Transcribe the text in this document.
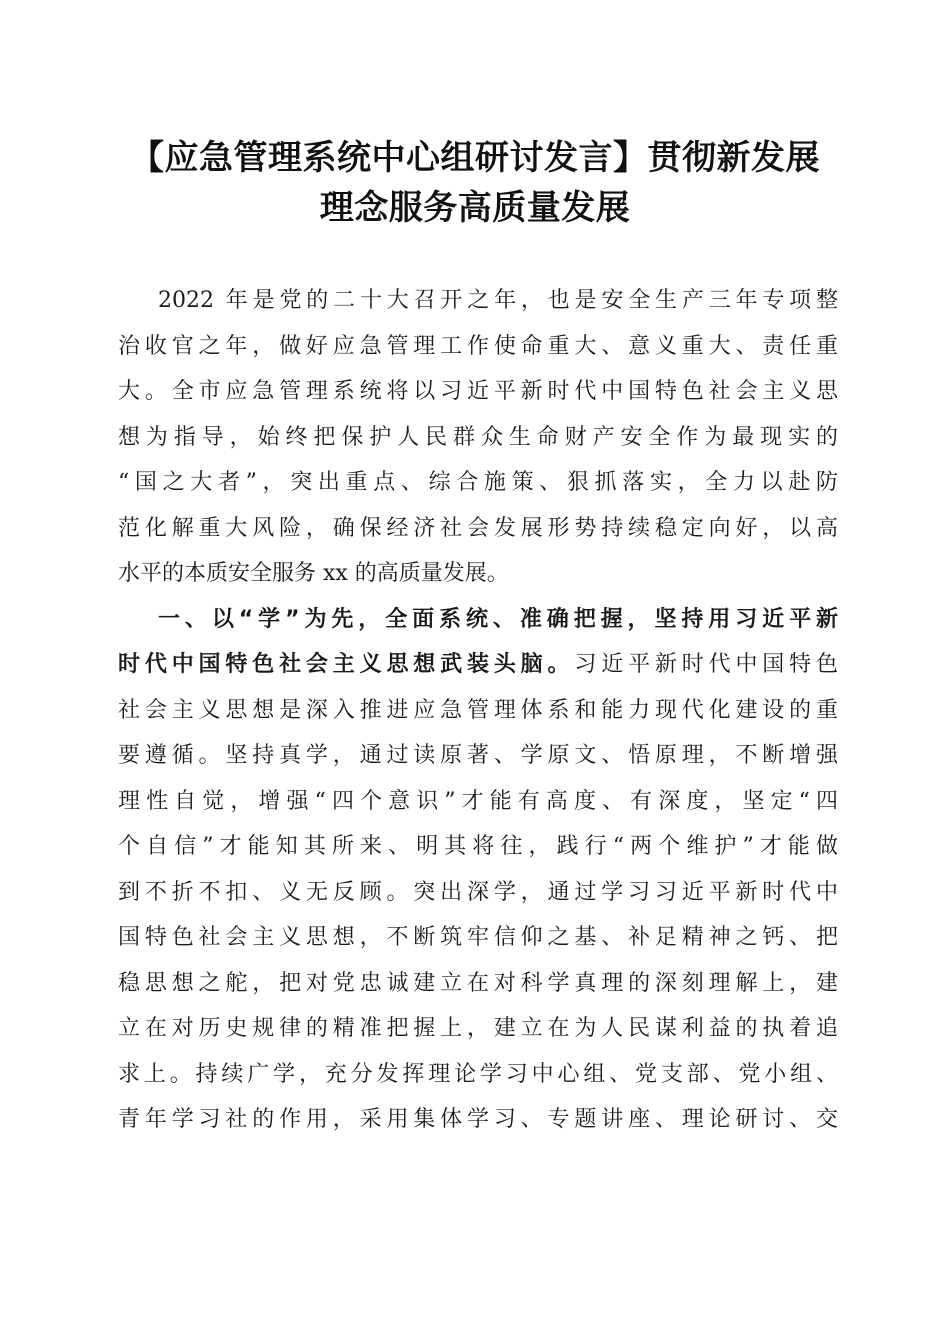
【应急管理系统中心组研讨发言】贯彻新发展
理念服务高质量发展
2022 年是党的二十大召开之年，也是安全生产三年专项整
治收官之年，做好应急管理工作使命重大、意义重大、责任重
大。全市应急管理系统将以习近平新时代中国特色社会主义思
想为指导，始终把保护人民群众生命财产安全作为最现实的
“国之大者”，突出重点、综合施策、狠抓落实，全力以赴防
范化解重大风险，确保经济社会发展形势持续稳定向好，以高
水平的本质安全服务 xx 的高质量发展。
一、以“学”为先，全面系统、准确把握，坚持用习近平新
时代中国特色社会主义思想武装头脑。习近平新时代中国特色
社会主义思想是深入推进应急管理体系和能力现代化建设的重
要遵循。坚持真学，通过读原著、学原文、悟原理，不断增强
理性自觉，增强“四个意识”才能有高度、有深度，坚定“四
个自信”才能知其所来、明其将往，践行“两个维护”才能做
到不折不扣、义无反顾。突出深学，通过学习习近平新时代中
国特色社会主义思想，不断筑牢信仰之基、补足精神之钙、把
稳思想之舵，把对党忠诚建立在对科学真理的深刻理解上，建
立在对历史规律的精准把握上，建立在为人民谋利益的执着追
求上。持续广学，充分发挥理论学习中心组、党支部、党小组、
青年学习社的作用，采用集体学习、专题讲座、理论研讨、交
